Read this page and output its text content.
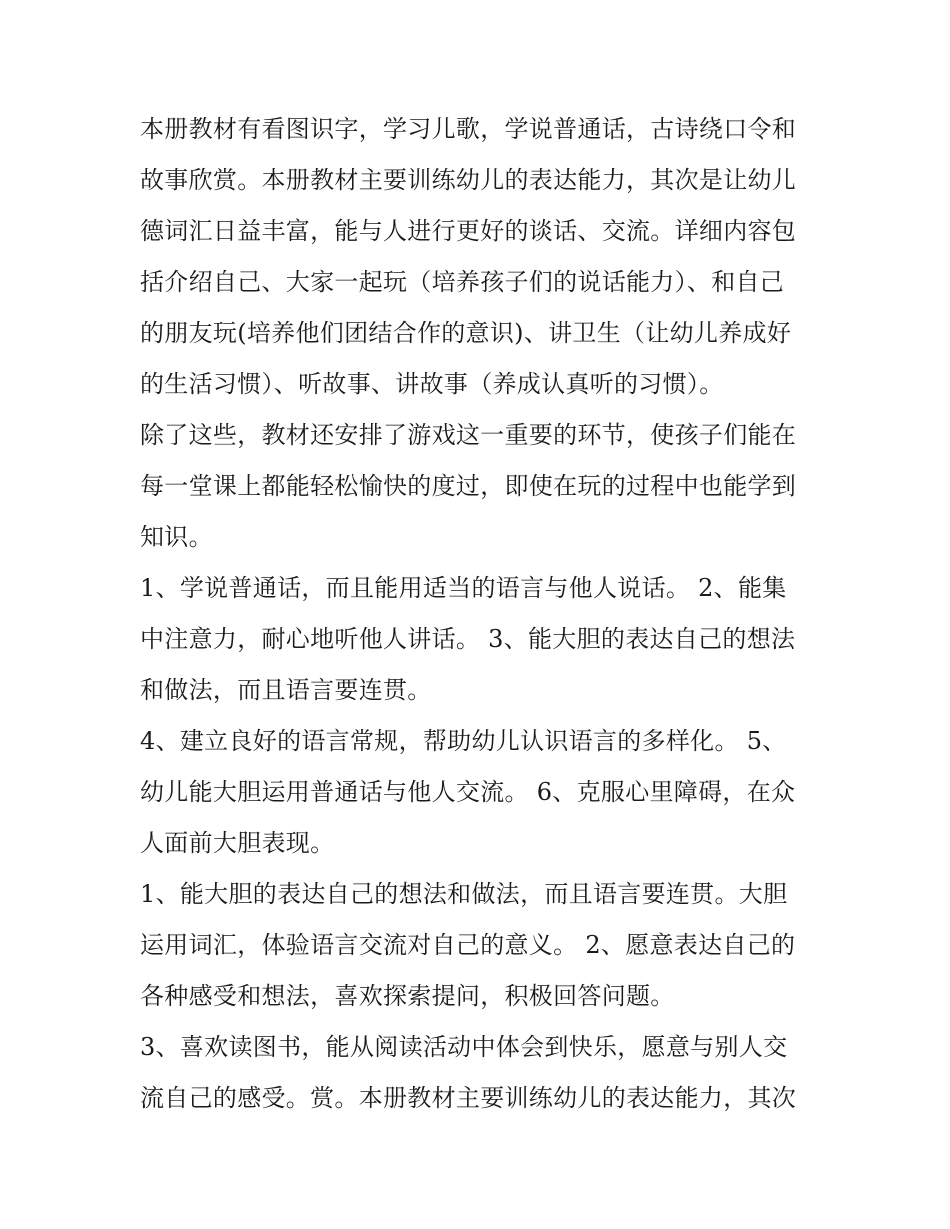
本册教材有看图识字，学习儿歌，学说普通话，古诗绕口令和
故事欣赏。本册教材主要训练幼儿的表达能力，其次是让幼儿
德词汇日益丰富，能与人进行更好的谈话、交流。详细内容包
括介绍自己、大家一起玩（培养孩子们的说话能力）、和自己
的朋友玩(培养他们团结合作的意识)、讲卫生（让幼儿养成好
的生活习惯）、听故事、讲故事（养成认真听的习惯）。
除了这些，教材还安排了游戏这一重要的环节，使孩子们能在
每一堂课上都能轻松愉快的度过，即使在玩的过程中也能学到
知识。
1、学说普通话，而且能用适当的语言与他人说话。 2、能集
中注意力，耐心地听他人讲话。 3、能大胆的表达自己的想法
和做法，而且语言要连贯。
4、建立良好的语言常规，帮助幼儿认识语言的多样化。 5、
幼儿能大胆运用普通话与他人交流。 6、克服心里障碍，在众
人面前大胆表现。
1、能大胆的表达自己的想法和做法，而且语言要连贯。大胆
运用词汇，体验语言交流对自己的意义。 2、愿意表达自己的
各种感受和想法，喜欢探索提问，积极回答问题。
3、喜欢读图书，能从阅读活动中体会到快乐，愿意与别人交
流自己的感受。赏。本册教材主要训练幼儿的表达能力，其次
